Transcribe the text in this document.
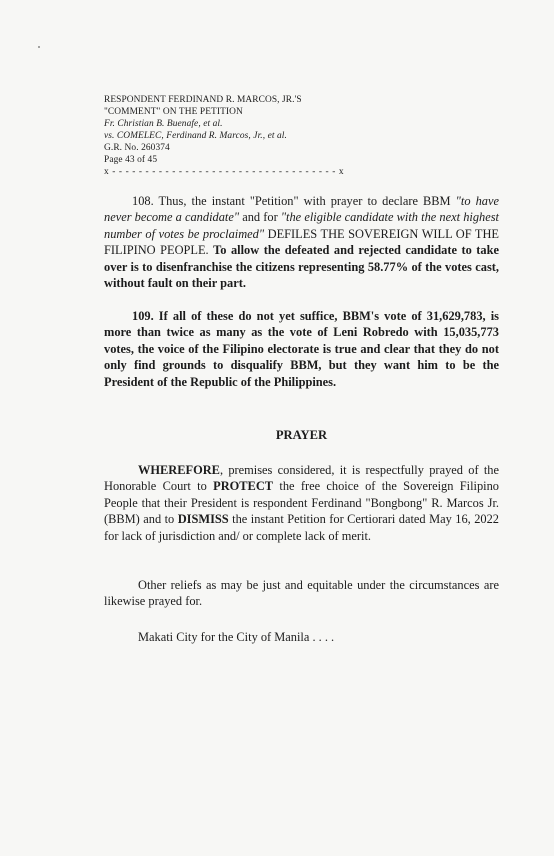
RESPONDENT FERDINAND R. MARCOS, JR.'S
"COMMENT" ON THE PETITION
Fr. Christian B. Buenafe, et al.
vs. COMELEC, Ferdinand R. Marcos, Jr., et al.
G.R. No. 260374
Page 43 of 45
x - - - - - - - - - - - - - - - - - - - - - - - - - - - - - - - - - - x

108. Thus, the instant "Petition" with prayer to declare BBM "to have never become a candidate" and for "the eligible candidate with the next highest number of votes be proclaimed" DEFILES THE SOVEREIGN WILL OF THE FILIPINO PEOPLE. To allow the defeated and rejected candidate to take over is to disenfranchise the citizens representing 58.77% of the votes cast, without fault on their part.

109. If all of these do not yet suffice, BBM's vote of 31,629,783, is more than twice as many as the vote of Leni Robredo with 15,035,773 votes, the voice of the Filipino electorate is true and clear that they do not only find grounds to disqualify BBM, but they want him to be the President of the Republic of the Philippines.

PRAYER

WHEREFORE, premises considered, it is respectfully prayed of the Honorable Court to PROTECT the free choice of the Sovereign Filipino People that their President is respondent Ferdinand "Bongbong" R. Marcos Jr. (BBM) and to DISMISS the instant Petition for Certiorari dated May 16, 2022 for lack of jurisdiction and/ or complete lack of merit.

Other reliefs as may be just and equitable under the circumstances are likewise prayed for.

Makati City for the City of Manila . . . .
